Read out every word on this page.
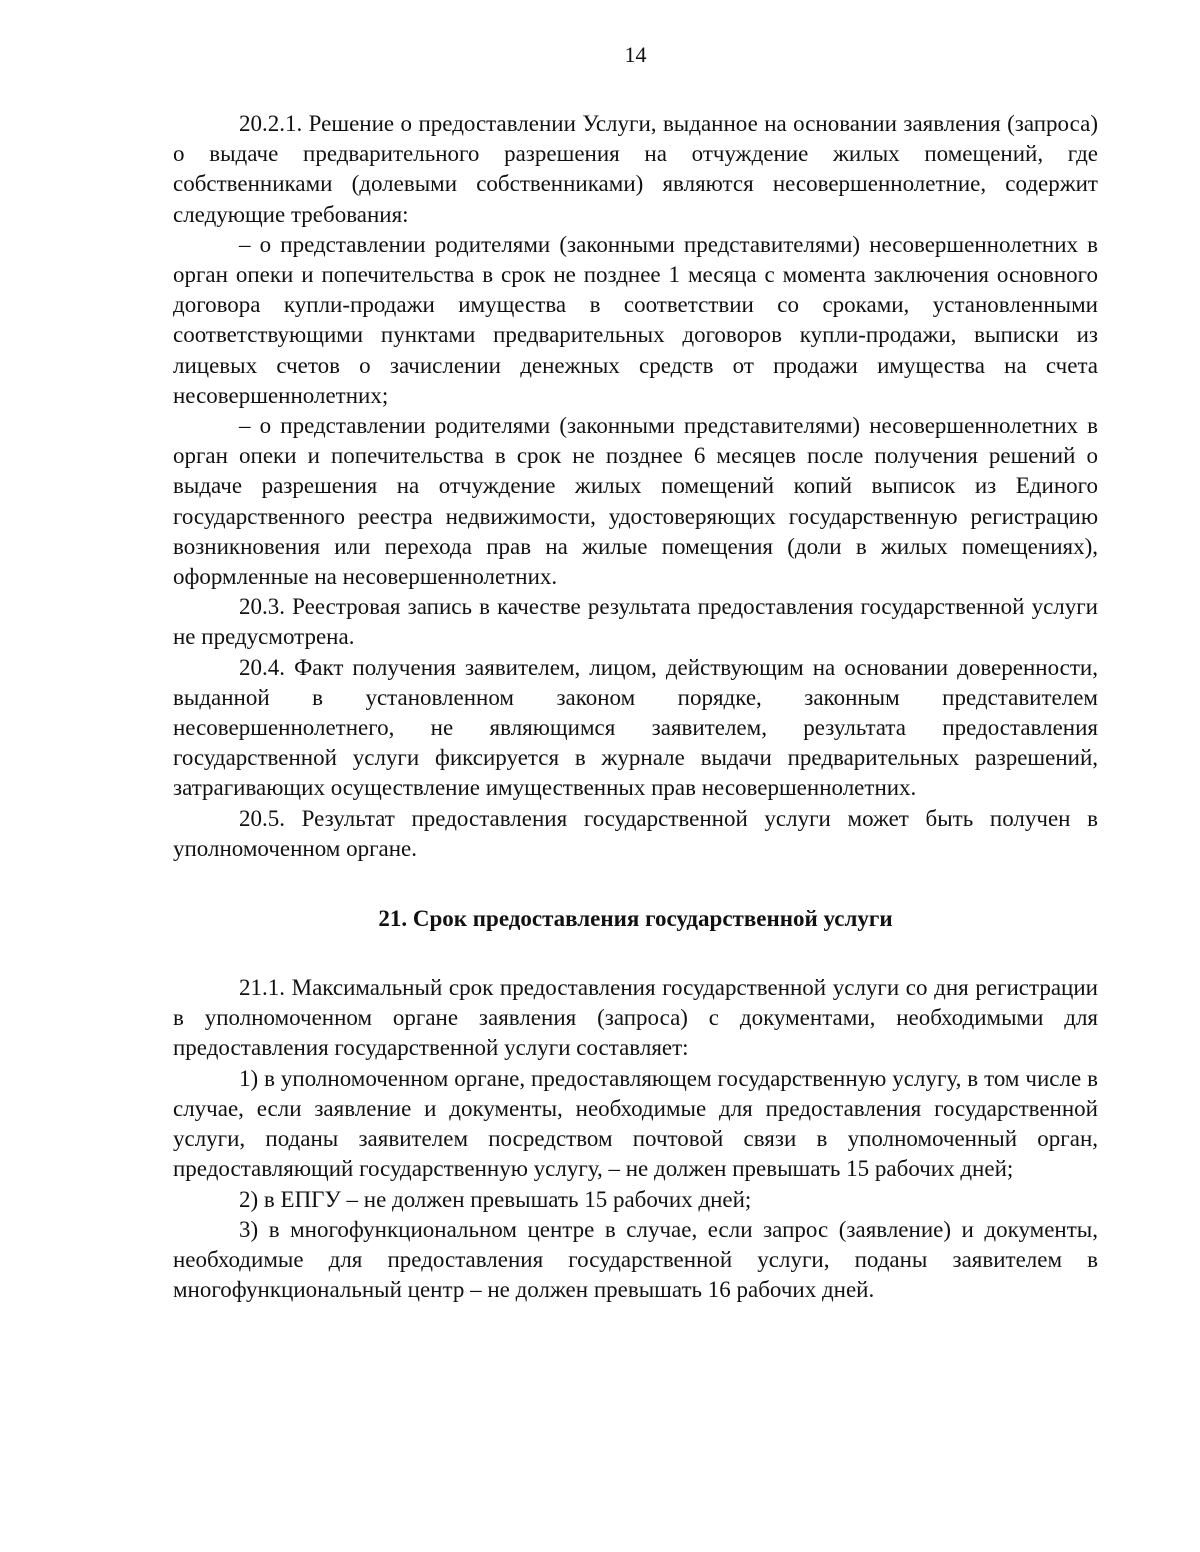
14

20.2.1. Решение о предоставлении Услуги, выданное на основании заявления (запроса) о выдаче предварительного разрешения на отчуждение жилых помещений, где собственниками (долевыми собственниками) являются несовершеннолетние, содержит следующие требования:

– о представлении родителями (законными представителями) несовершеннолетних в орган опеки и попечительства в срок не позднее 1 месяца с момента заключения основного договора купли-продажи имущества в соответствии со сроками, установленными соответствующими пунктами предварительных договоров купли-продажи, выписки из лицевых счетов о зачислении денежных средств от продажи имущества на счета несовершеннолетних;

– о представлении родителями (законными представителями) несовершеннолетних в орган опеки и попечительства в срок не позднее 6 месяцев после получения решений о выдаче разрешения на отчуждение жилых помещений копий выписок из Единого государственного реестра недвижимости, удостоверяющих государственную регистрацию возникновения или перехода прав на жилые помещения (доли в жилых помещениях), оформленные на несовершеннолетних.

20.3. Реестровая запись в качестве результата предоставления государственной услуги не предусмотрена.

20.4. Факт получения заявителем, лицом, действующим на основании доверенности, выданной в установленном законом порядке, законным представителем несовершеннолетнего, не являющимся заявителем, результата предоставления государственной услуги фиксируется в журнале выдачи предварительных разрешений, затрагивающих осуществление имущественных прав несовершеннолетних.

20.5. Результат предоставления государственной услуги может быть получен в уполномоченном органе.

21. Срок предоставления государственной услуги

21.1. Максимальный срок предоставления государственной услуги со дня регистрации в уполномоченном органе заявления (запроса) с документами, необходимыми для предоставления государственной услуги составляет:

1) в уполномоченном органе, предоставляющем государственную услугу, в том числе в случае, если заявление и документы, необходимые для предоставления государственной услуги, поданы заявителем посредством почтовой связи в уполномоченный орган, предоставляющий государственную услугу, – не должен превышать 15 рабочих дней;

2) в ЕПГУ – не должен превышать 15 рабочих дней;

3) в многофункциональном центре в случае, если запрос (заявление) и документы, необходимые для предоставления государственной услуги, поданы заявителем в многофункциональный центр – не должен превышать 16 рабочих дней.
